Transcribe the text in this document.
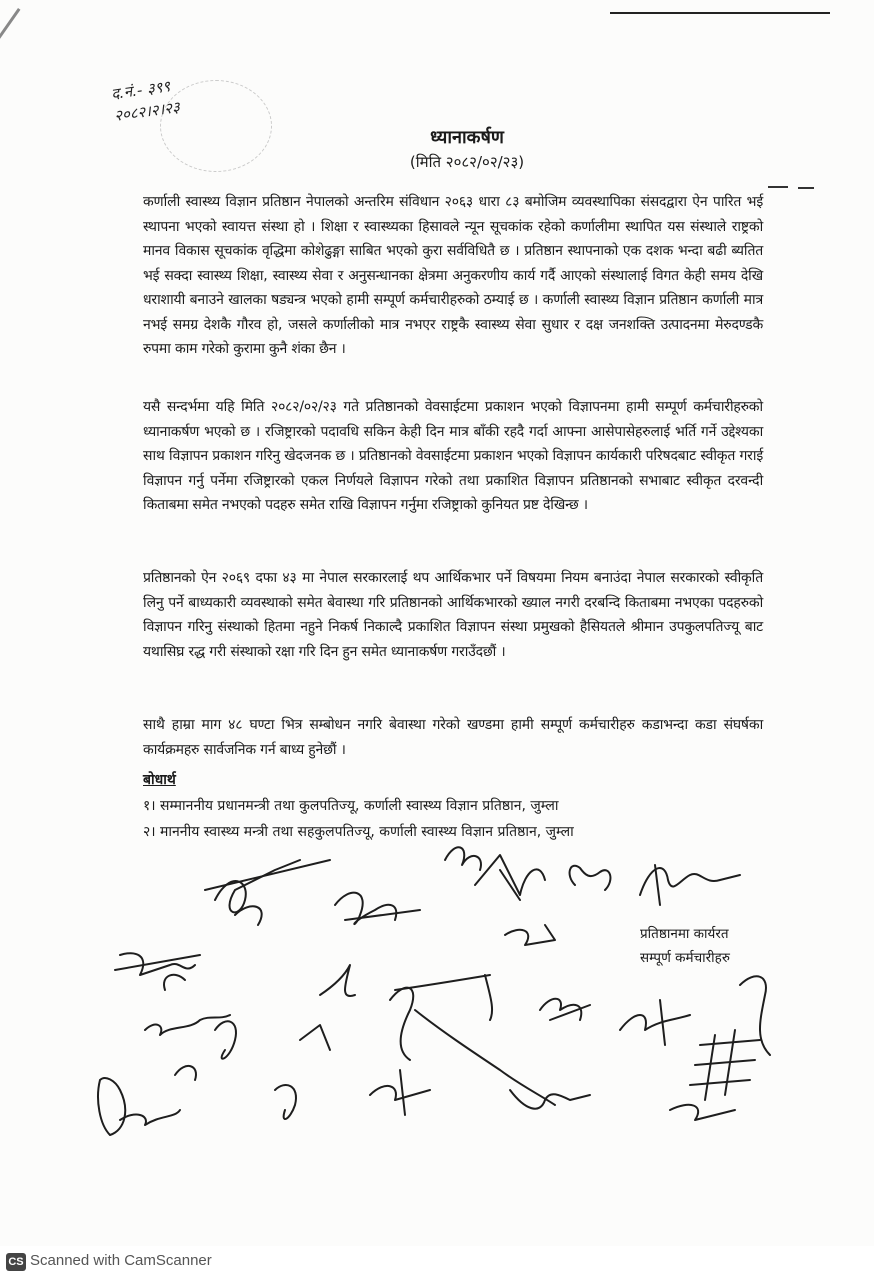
द.नं.- ३९९
२०८२।२।२३
ध्यानाकर्षण
(मिति २०८२/०२/२३)
कर्णाली स्वास्थ्य विज्ञान प्रतिष्ठान नेपालको अन्तरिम संविधान २०६३ धारा ८३ बमोजिम व्यवस्थापिका संसदद्वारा ऐन पारित भई स्थापना भएको स्वायत्त संस्था हो । शिक्षा र स्वास्थ्यका हिसावले न्यून सूचकांक रहेको कर्णालीमा स्थापित यस संस्थाले राष्ट्रको मानव विकास सूचकांक वृद्धिमा कोशेढुङ्गा साबित भएको कुरा सर्वविधितै छ । प्रतिष्ठान स्थापनाको एक दशक भन्दा बढी ब्यतित भई सक्दा स्वास्थ्य शिक्षा, स्वास्थ्य सेवा र अनुसन्धानका क्षेत्रमा अनुकरणीय कार्य गर्दै आएको संस्थालाई विगत केही समय देखि धराशायी बनाउने खालका षड्यन्त्र भएको हामी सम्पूर्ण कर्मचारीहरुको ठम्याई छ । कर्णाली स्वास्थ्य विज्ञान प्रतिष्ठान कर्णाली मात्र नभई समग्र देशकै गौरव हो, जसले कर्णालीको मात्र नभएर राष्ट्रकै स्वास्थ्य सेवा सुधार र दक्ष जनशक्ति उत्पादनमा मेरुदण्डकै रुपमा काम गरेको कुरामा कुनै शंका छैन ।
यसै सन्दर्भमा यहि मिति २०८२/०२/२३ गते प्रतिष्ठानको वेवसाईटमा प्रकाशन भएको विज्ञापनमा हामी सम्पूर्ण कर्मचारीहरुको ध्यानाकर्षण भएको छ । रजिष्ट्रारको पदावधि सकिन केही दिन मात्र बाँकी रहदै गर्दा आफ्ना आसेपासेहरुलाई भर्ति गर्ने उद्देश्यका साथ विज्ञापन प्रकाशन गरिनु खेदजनक छ । प्रतिष्ठानको वेवसाईटमा प्रकाशन भएको विज्ञापन कार्यकारी परिषदबाट स्वीकृत गराई विज्ञापन गर्नु पर्नेमा रजिष्ट्रारको एकल निर्णयले विज्ञापन गरेको तथा प्रकाशित विज्ञापन प्रतिष्ठानको सभाबाट स्वीकृत दरवन्दी किताबमा समेत नभएको पदहरु समेत राखि विज्ञापन गर्नुमा रजिष्ट्राको कुनियत प्रष्ट देखिन्छ ।
प्रतिष्ठानको ऐन २०६९ दफा ४३ मा नेपाल सरकारलाई थप आर्थिकभार पर्ने विषयमा नियम बनाउंदा नेपाल सरकारको स्वीकृति लिनु पर्ने बाध्यकारी व्यवस्थाको समेत बेवास्था गरि प्रतिष्ठानको आर्थिकभारको ख्याल नगरी दरबन्दि किताबमा नभएका पदहरुको विज्ञापन गरिनु संस्थाको हितमा नहुने निकर्ष निकाल्दै प्रकाशित विज्ञापन संस्था प्रमुखको हैसियतले श्रीमान उपकुलपतिज्यू बाट यथासिघ्र रद्ध गरी संस्थाको रक्षा गरि दिन हुन समेत ध्यानाकर्षण गराउँदछौं ।
साथै हाम्रा माग ४८ घण्टा भित्र सम्बोधन नगरि बेवास्था गरेको खण्डमा हामी सम्पूर्ण कर्मचारीहरु कडाभन्दा कडा संघर्षका कार्यक्रमहरु सार्वजनिक गर्न बाध्य हुनेछौं ।
बोधार्थ
१। सम्माननीय प्रधानमन्त्री तथा कुलपतिज्यू, कर्णाली स्वास्थ्य विज्ञान प्रतिष्ठान, जुम्ला
२। माननीय स्वास्थ्य मन्त्री तथा सहकुलपतिज्यू, कर्णाली स्वास्थ्य विज्ञान प्रतिष्ठान, जुम्ला
प्रतिष्ठानमा कार्यरत
सम्पूर्ण कर्मचारीहरु
CS Scanned with CamScanner
